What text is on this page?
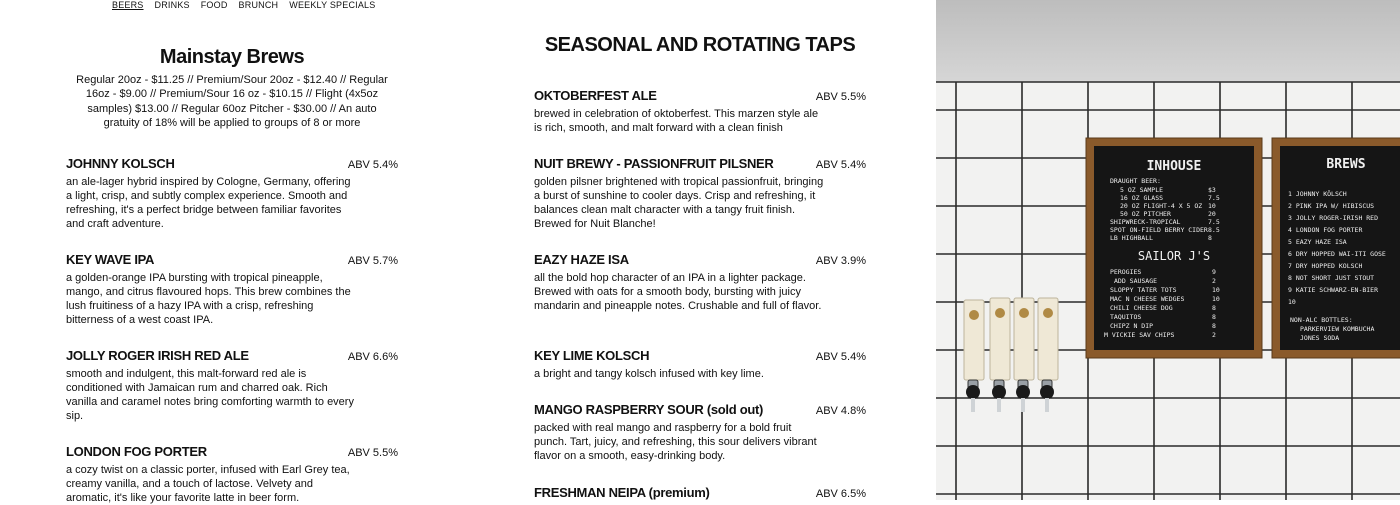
BEERS DRINKS FOOD BRUNCH WEEKLY SPECIALS
Mainstay Brews

Regular 20oz - $11.25 // Premium/Sour 20oz - $12.40 // Regular 16oz - $9.00 // Premium/Sour 16 oz - $10.15 // Flight (4x5oz samples) $13.00 // Regular 60oz Pitcher - $30.00 // An auto gratuity of 18% will be applied to groups of 8 or more

JOHNNY KOLSCH	ABV 5.4%
an ale-lager hybrid inspired by Cologne, Germany, offering a light, crisp, and subtly complex experience. Smooth and refreshing, it's a perfect bridge between familiar favorites and craft adventure.
KEY WAVE IPA	ABV 5.7%
a golden-orange IPA bursting with tropical pineapple, mango, and citrus flavoured hops. This brew combines the lush fruitiness of a hazy IPA with a crisp, refreshing bitterness of a west coast IPA.
JOLLY ROGER IRISH RED ALE	ABV 6.6%
smooth and indulgent, this malt-forward red ale is conditioned with Jamaican rum and charred oak. Rich vanilla and caramel notes bring comforting warmth to every sip.
LONDON FOG PORTER	ABV 5.5%
a cozy twist on a classic porter, infused with Earl Grey tea, creamy vanilla, and a touch of lactose. Velvety and aromatic, it's like your favorite latte in beer form.
SEASONAL AND ROTATING TAPS
OKTOBERFEST ALE	ABV 5.5%
brewed in celebration of oktoberfest. This marzen style ale is rich, smooth, and malt forward with a clean finish
NUIT BREWY - PASSIONFRUIT PILSNER	ABV 5.4%
golden pilsner brightened with tropical passionfruit, bringing a burst of sunshine to cooler days. Crisp and refreshing, it balances clean malt character with a tangy fruit finish. Brewed for Nuit Blanche!
EAZY HAZE ISA	ABV 3.9%
all the bold hop character of an IPA in a lighter package. Brewed with oats for a smooth body, bursting with juicy mandarin and pineapple notes. Crushable and full of flavor.
KEY LIME KOLSCH	ABV 5.4%
a bright and tangy kolsch infused with key lime.
MANGO RASPBERRY SOUR (sold out)	ABV 4.8%
packed with real mango and raspberry for a bold fruit punch. Tart, juicy, and refreshing, this sour delivers vibrant flavor on a smooth, easy-drinking body.
FRESHMAN NEIPA (premium)	ABV 6.5%
INHOUSE
DRAUGHT BEER:
5 OZ SAMPLE	$3
16 OZ GLASS	7.5
20 OZ FLIGHT-4 X 5 OZ 10
50 OZ PITCHER	20
SHIPWRECK-TROPICAL	7.5
SPOT ON-FIELD BERRY CIDER 8.5
LB HIGHBALL	8
SAILOR J'S
PEROGIES	9
ADD SAUSAGE	2
SLOPPY TATER TOTS	10
MAC N CHEESE WEDGES	10
CHILI CHEESE DOG	8
TAQUITOS	8
CHIPZ N DIP	8
M VICKIE SAV CHIPS	2
BREWS
1 JOHNNY KÖLSCH
2 PINK IPA W/ HIBISCUS
3 JOLLY ROGER-IRISH RED
4 LONDON FOG PORTER
5 EAZY HAZE ISA
6 DRY HOPPED WAI-ITI GOSE
7 DRY HOPPED KOLSCH
8 NOT SHORT JUST STOUT
9 KATIE SCHWARZ-EN-BIER
10
NON-ALC BOTTLES:
PARKERVIEW KOMBUCHA
JONES SODA
